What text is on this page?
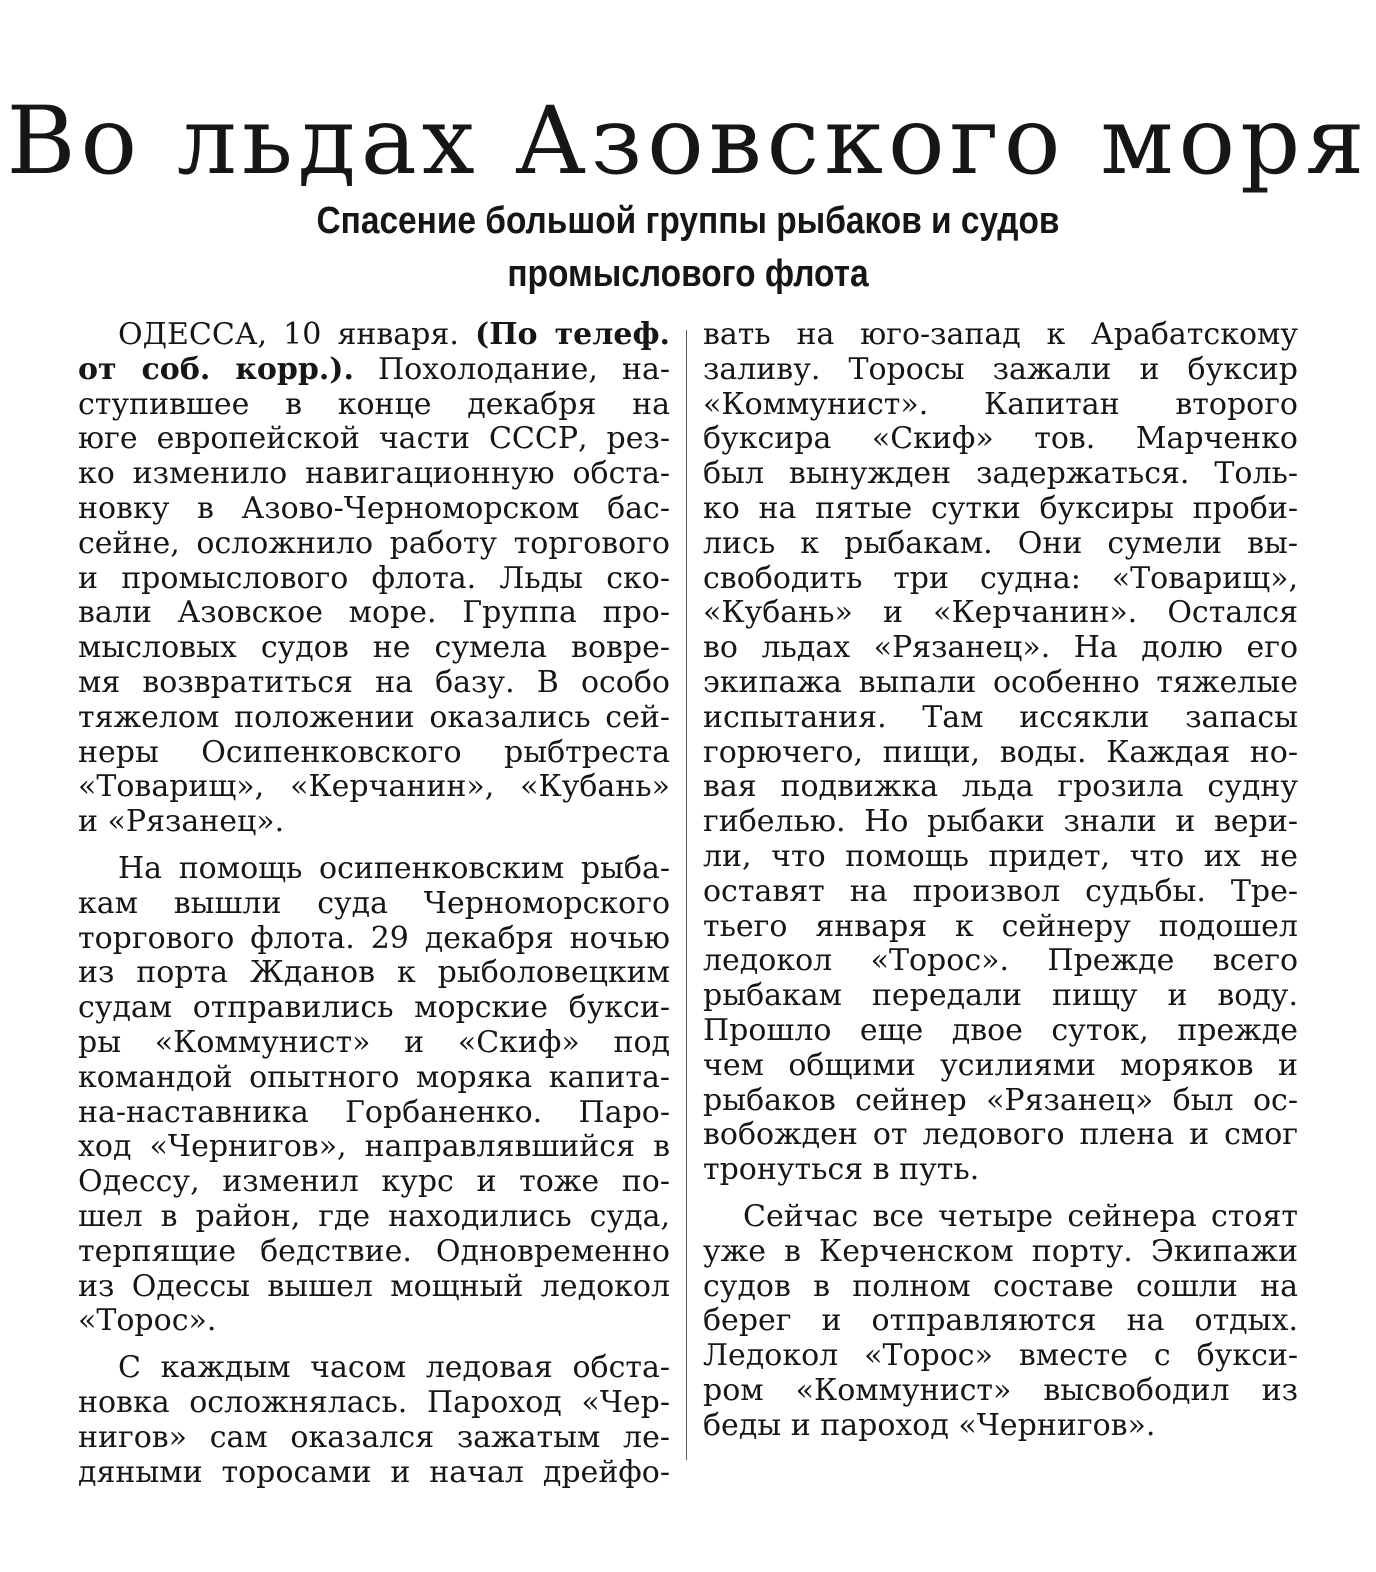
Во льдах Азовского моря
Спасение большой группы рыбаков и судов
промыслового флота
ОДЕССА, 10 января. (По телеф.
от соб. корр.). Похолодание, на-
ступившее в конце декабря на
юге европейской части СССР, рез-
ко изменило навигационную обста-
новку в Азово-Черноморском бас-
сейне, осложнило работу торгового
и промыслового флота. Льды ско-
вали Азовское море. Группа про-
мысловых судов не сумела вовре-
мя возвратиться на базу. В особо
тяжелом положении оказались сей-
неры Осипенковского рыбтреста
«Товарищ», «Керчанин», «Кубань»
и «Рязанец».
На помощь осипенковским рыба-
кам вышли суда Черноморского
торгового флота. 29 декабря ночью
из порта Жданов к рыболовецким
судам отправились морские букси-
ры «Коммунист» и «Скиф» под
командой опытного моряка капита-
на-наставника Горбаненко. Паро-
ход «Чернигов», направлявшийся в
Одессу, изменил курс и тоже по-
шел в район, где находились суда,
терпящие бедствие. Одновременно
из Одессы вышел мощный ледокол
«Торос».
С каждым часом ледовая обста-
новка осложнялась. Пароход «Чер-
нигов» сам оказался зажатым ле-
дяными торосами и начал дрейфо-
вать на юго-запад к Арабатскому
заливу. Торосы зажали и буксир
«Коммунист». Капитан второго
буксира «Скиф» тов. Марченко
был вынужден задержаться. Толь-
ко на пятые сутки буксиры проби-
лись к рыбакам. Они сумели вы-
свободить три судна: «Товарищ»,
«Кубань» и «Керчанин». Остался
во льдах «Рязанец». На долю его
экипажа выпали особенно тяжелые
испытания. Там иссякли запасы
горючего, пищи, воды. Каждая но-
вая подвижка льда грозила судну
гибелью. Но рыбаки знали и вери-
ли, что помощь придет, что их не
оставят на произвол судьбы. Тре-
тьего января к сейнеру подошел
ледокол «Торос». Прежде всего
рыбакам передали пищу и воду.
Прошло еще двое суток, прежде
чем общими усилиями моряков и
рыбаков сейнер «Рязанец» был ос-
вобожден от ледового плена и смог
тронуться в путь.
Сейчас все четыре сейнера стоят
уже в Керченском порту. Экипажи
судов в полном составе сошли на
берег и отправляются на отдых.
Ледокол «Торос» вместе с букси-
ром «Коммунист» высвободил из
беды и пароход «Чернигов».
